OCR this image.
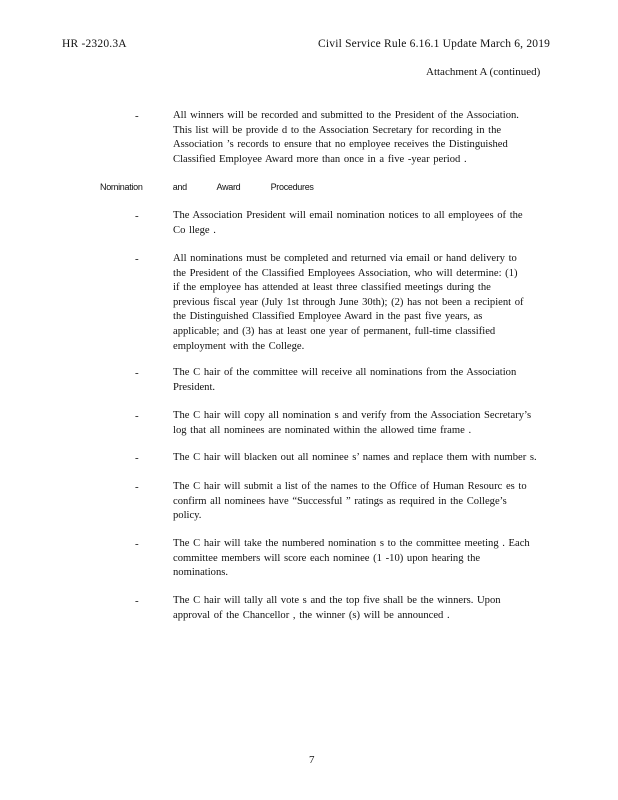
HR -2320.3A	Civil Service Rule 6.16.1 Update March 6, 2019
Attachment A (continued)
-	All winners will be recorded and submitted to the President of the Association.
This list will be provide d to the Association Secretary for recording in the
Association ’s records to ensure that no employee receives the Distinguished
Classified Employee Award more than once in a five -year period .
Nomination and Award Procedures
-	The Association President will email nomination notices to all employees of the
Co llege .
-	All nominations must be completed and returned via email or hand delivery to
the President of the Classified Employees Association, who will determine: (1)
if the employee has attended at least three classified meetings during the
previous fiscal year (July 1st through June 30th); (2) has not been a recipient of
the Distinguished Classified Employee Award in the past five years, as
applicable; and (3) has at least one year of permanent, full-time classified
employment with the College.
-	The C hair of the committee will receive all nominations from the Association
President.
-	The C hair will copy all nomination s and verify from the Association Secretary’s
log that all nominees are nominated within the allowed time frame .
-	The C hair will blacken out all nominee s’ names and replace them with number s.
-	The C hair will submit a list of the names to the Office of Human Resourc es to
confirm all nominees have “Successful ” ratings as required in the College’s
policy.
-	The C hair will take the numbered nomination s to the committee meeting . Each
committee members will score each nominee (1 -10) upon hearing the
nominations.
-	The C hair will tally all vote s and the top five shall be the winners. Upon
approval of the Chancellor , the winner (s) will be announced .
7
